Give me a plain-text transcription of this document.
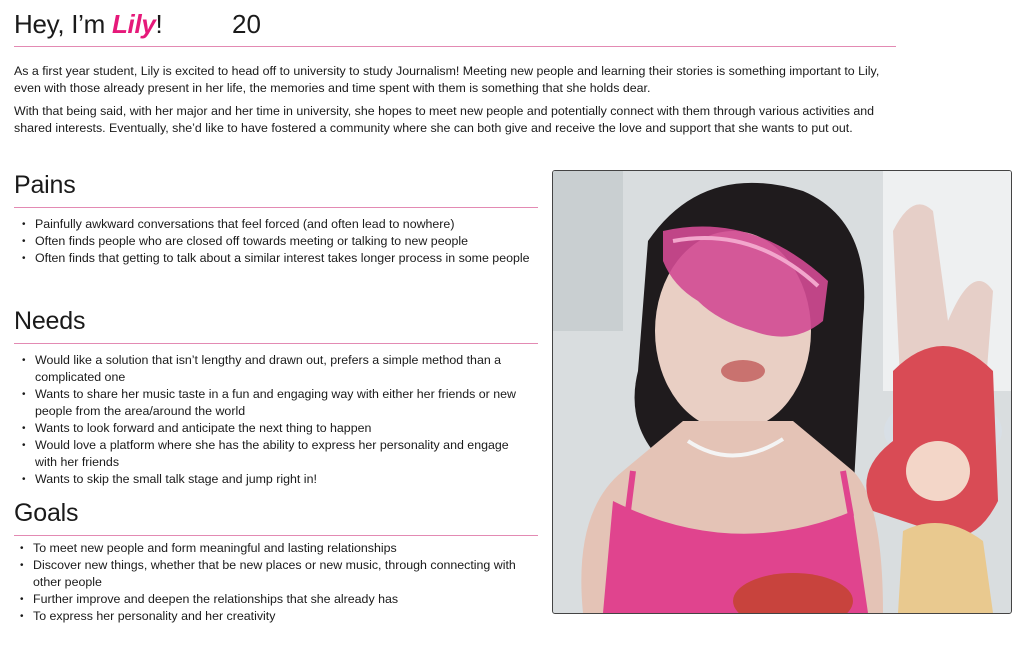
Hey, I’m Lily!	20

As a first year student, Lily is excited to head off to university to study Journalism! Meeting new people and learning their stories is something important to Lily, even with those already present in her life, the memories and time spent with them is something that she holds dear.

With that being said, with her major and her time in university, she hopes to meet new people and potentially connect with them through various activities and shared interests. Eventually, she’d like to have fostered a community where she can both give and receive the love and support that she wants to put out.

Pains
• Painfully awkward conversations that feel forced (and often lead to nowhere)
• Often finds people who are closed off towards meeting or talking to new people
• Often finds that getting to talk about a similar interest takes longer process in some people
Needs
• Would like a solution that isn’t lengthy and drawn out, prefers a simple method than a complicated one
• Wants to share her music taste in a fun and engaging way with either her friends or new people from the area/around the world
• Wants to look forward and anticipate the next thing to happen
• Would love a platform where she has the ability to express her personality and engage with her friends
• Wants to skip the small talk stage and jump right in!
Goals
• To meet new people and form meaningful and lasting relationships
• Discover new things, whether that be new places or new music, through connecting with other people
• Further improve and deepen the relationships that she already has
• To express her personality and her creativity
